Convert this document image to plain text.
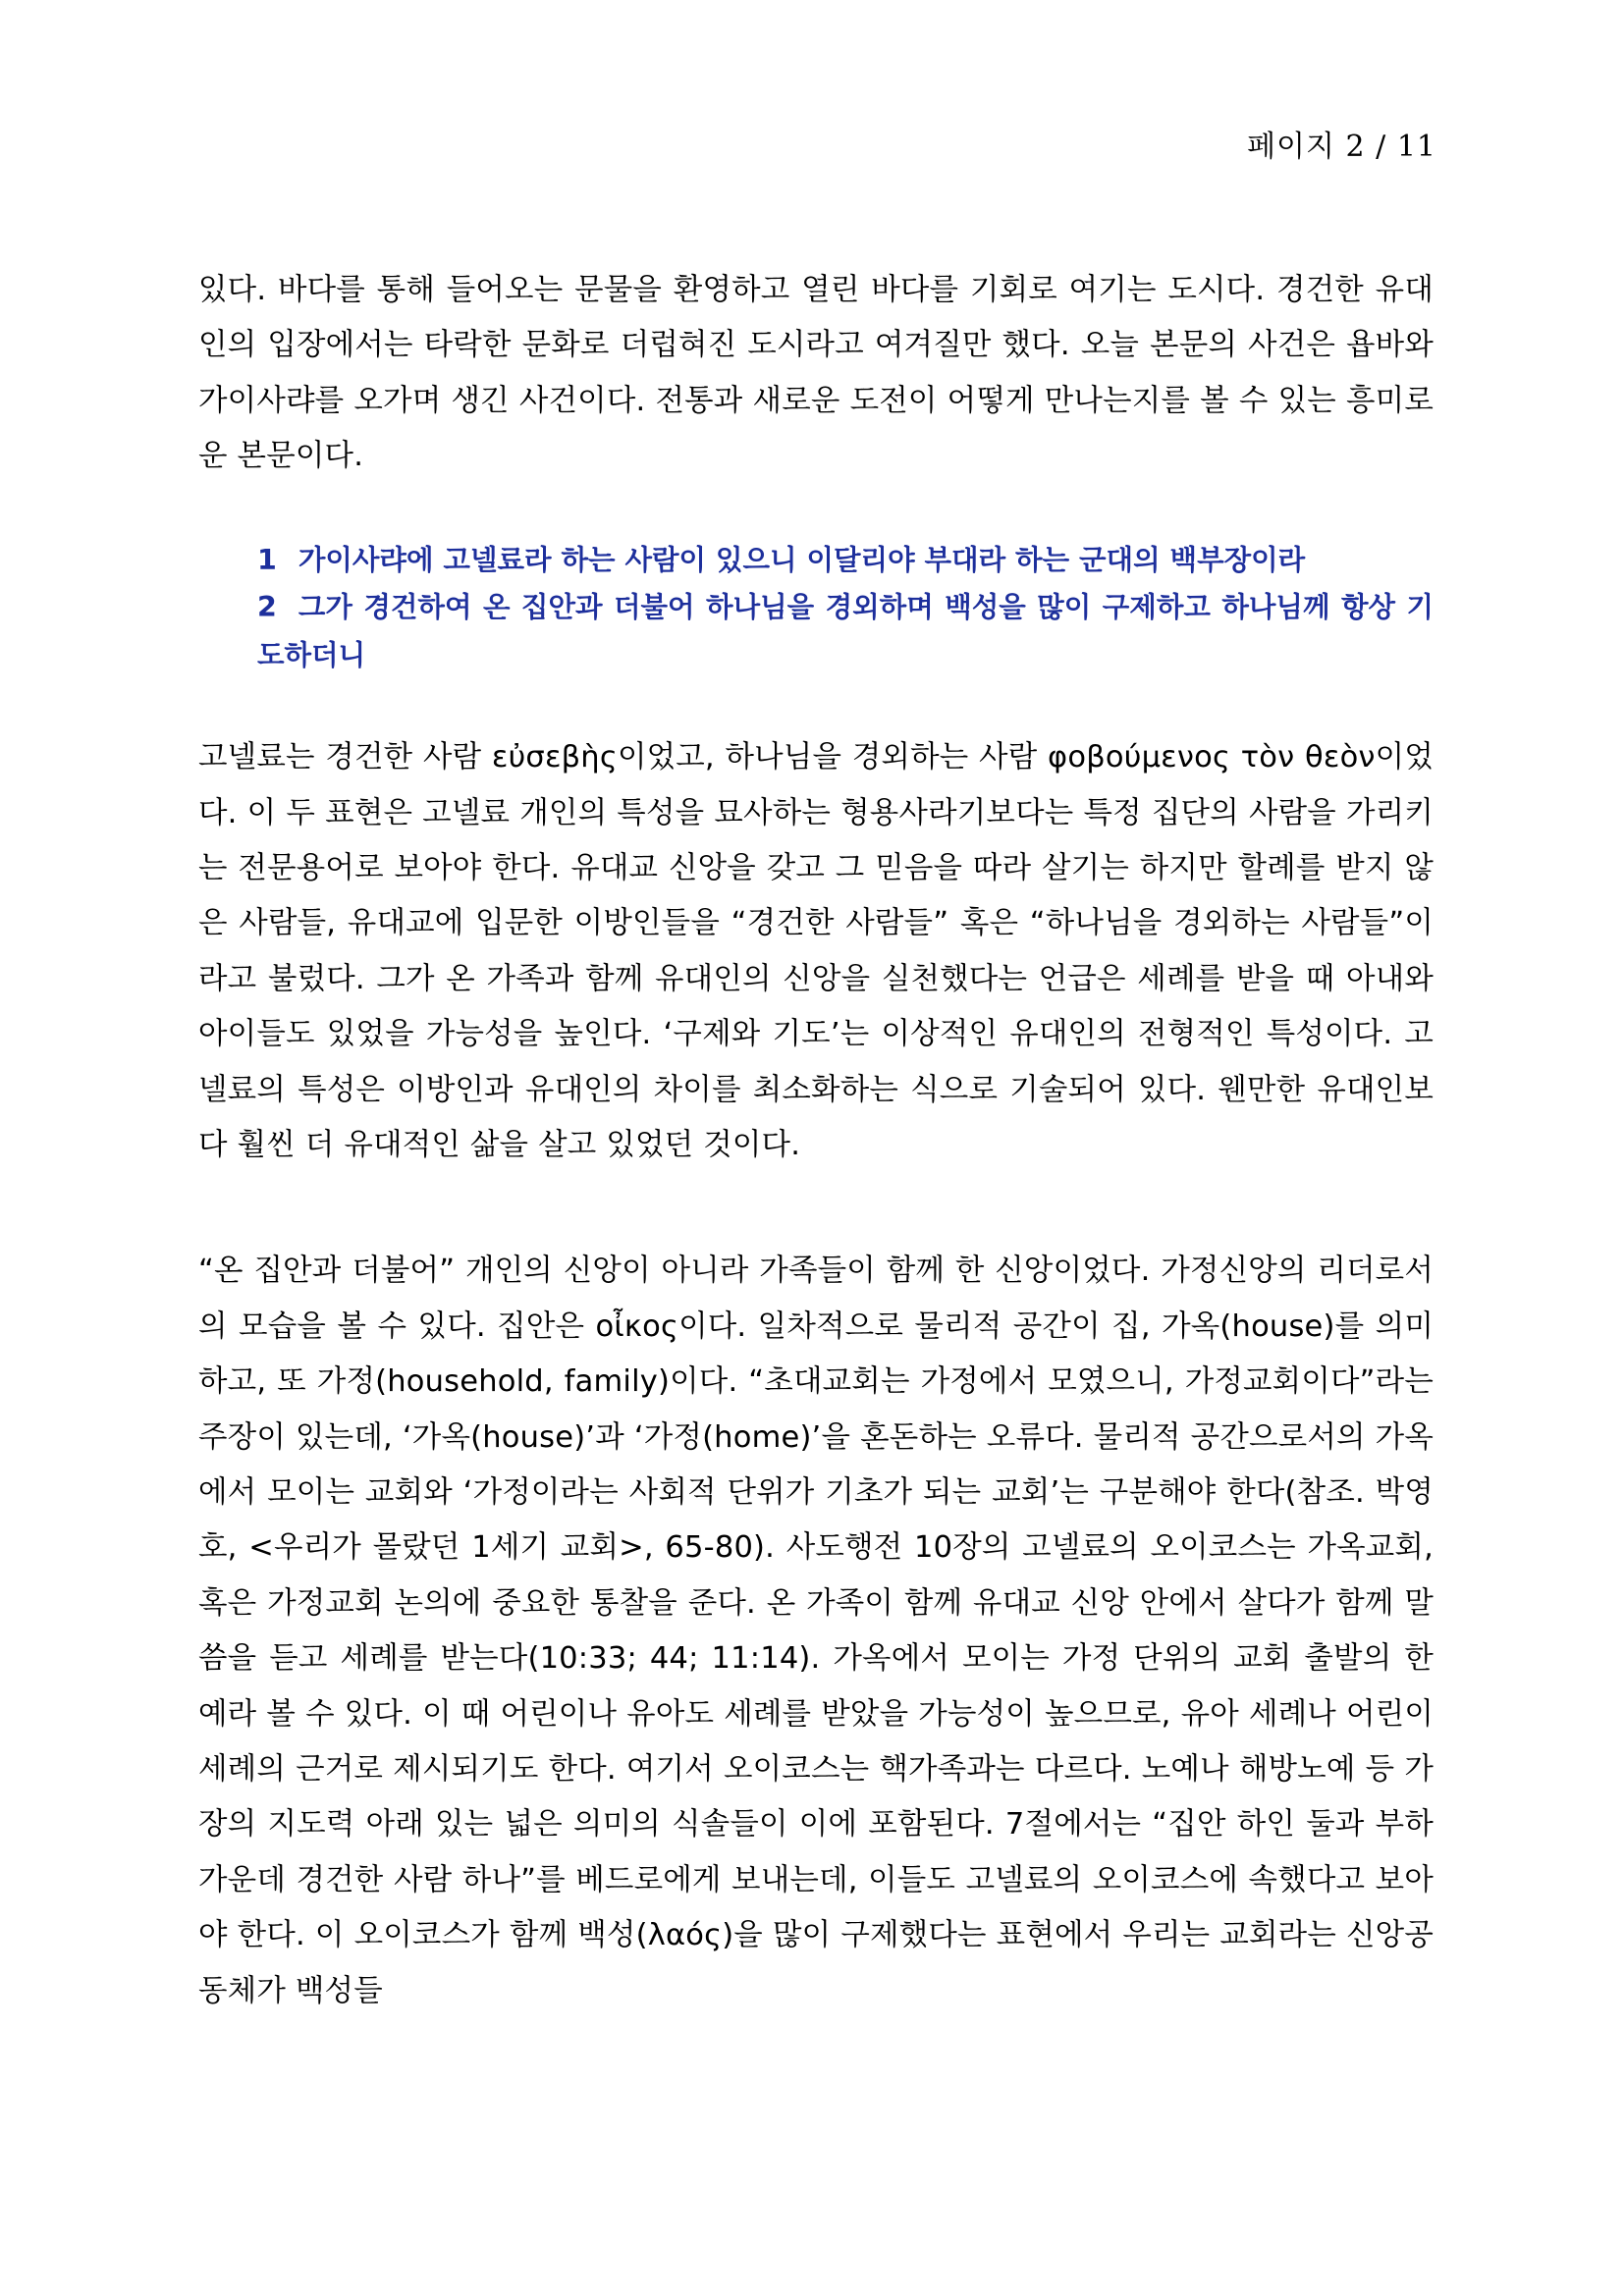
페이지 2 / 11

있다. 바다를 통해 들어오는 문물을 환영하고 열린 바다를 기회로 여기는 도시다. 경건한 유대인의 입장에서는 타락한 문화로 더럽혀진 도시라고 여겨질만 했다. 오늘 본문의 사건은 욥바와 가이사랴를 오가며 생긴 사건이다. 전통과 새로운 도전이 어떻게 만나는지를 볼 수 있는 흥미로운 본문이다.

1 가이사랴에 고넬료라 하는 사람이 있으니 이달리야 부대라 하는 군대의 백부장이라

2 그가 경건하여 온 집안과 더불어 하나님을 경외하며 백성을 많이 구제하고 하나님께 항상 기도하더니

고넬료는 경건한 사람 εὐσεβὴς이었고, 하나님을 경외하는 사람 φοβούμενος τὸν θεὸν이었다. 이 두 표현은 고넬료 개인의 특성을 묘사하는 형용사라기보다는 특정 집단의 사람을 가리키는 전문용어로 보아야 한다. 유대교 신앙을 갖고 그 믿음을 따라 살기는 하지만 할례를 받지 않은 사람들, 유대교에 입문한 이방인들을 “경건한 사람들” 혹은 “하나님을 경외하는 사람들”이라고 불렀다. 그가 온 가족과 함께 유대인의 신앙을 실천했다는 언급은 세례를 받을 때 아내와 아이들도 있었을 가능성을 높인다. ‘구제와 기도’는 이상적인 유대인의 전형적인 특성이다. 고넬료의 특성은 이방인과 유대인의 차이를 최소화하는 식으로 기술되어 있다. 웬만한 유대인보다 훨씬 더 유대적인 삶을 살고 있었던 것이다.

“온 집안과 더불어” 개인의 신앙이 아니라 가족들이 함께 한 신앙이었다. 가정신앙의 리더로서의 모습을 볼 수 있다. 집안은 οἶκος이다. 일차적으로 물리적 공간이 집, 가옥(house)를 의미하고, 또 가정(household, family)이다. “초대교회는 가정에서 모였으니, 가정교회이다”라는 주장이 있는데, ‘가옥(house)’과 ‘가정(home)’을 혼돈하는 오류다. 물리적 공간으로서의 가옥에서 모이는 교회와 ‘가정이라는 사회적 단위가 기초가 되는 교회’는 구분해야 한다(참조. 박영호, <우리가 몰랐던 1세기 교회>, 65-80). 사도행전 10장의 고넬료의 오이코스는 가옥교회, 혹은 가정교회 논의에 중요한 통찰을 준다. 온 가족이 함께 유대교 신앙 안에서 살다가 함께 말씀을 듣고 세례를 받는다(10:33; 44; 11:14). 가옥에서 모이는 가정 단위의 교회 출발의 한 예라 볼 수 있다. 이 때 어린이나 유아도 세례를 받았을 가능성이 높으므로, 유아 세례나 어린이 세례의 근거로 제시되기도 한다. 여기서 오이코스는 핵가족과는 다르다. 노예나 해방노예 등 가장의 지도력 아래 있는 넓은 의미의 식솔들이 이에 포함된다. 7절에서는 “집안 하인 둘과 부하 가운데 경건한 사람 하나”를 베드로에게 보내는데, 이들도 고넬료의 오이코스에 속했다고 보아야 한다. 이 오이코스가 함께 백성(λαός)을 많이 구제했다는 표현에서 우리는 교회라는 신앙공동체가 백성들
